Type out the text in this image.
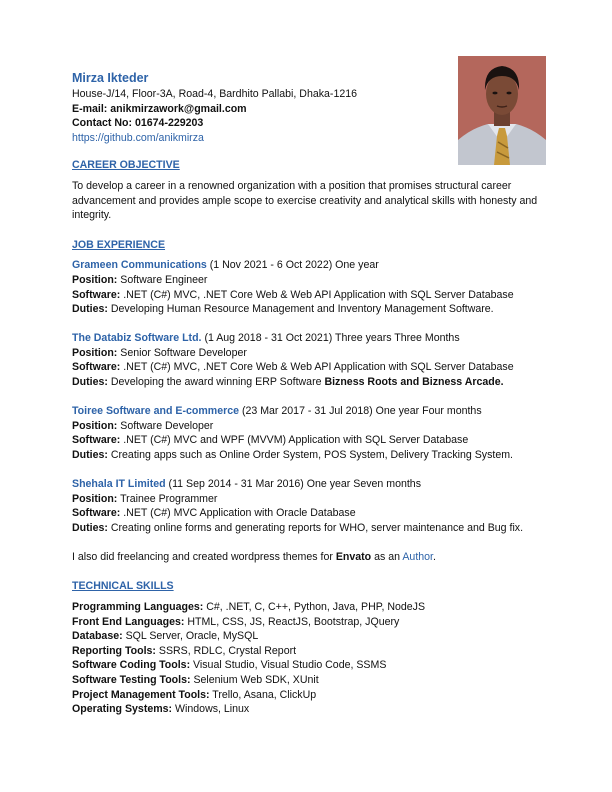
Mirza Ikteder
House-J/14, Floor-3A, Road-4, Bardhito Pallabi, Dhaka-1216
E-mail: anikmirzawork@gmail.com
Contact No: 01674-229203
https://github.com/anikmirza
CAREER OBJECTIVE

To develop a career in a renowned organization with a position that promises structural career advancement and provides ample scope to exercise creativity and analytical skills with honesty and integrity.

JOB EXPERIENCE
Grameen Communications (1 Nov 2021 - 6 Oct 2022) One year
Position: Software Engineer
Software: .NET (C#) MVC, .NET Core Web & Web API Application with SQL Server Database
Duties: Developing Human Resource Management and Inventory Management Software.
The Databiz Software Ltd. (1 Aug 2018 - 31 Oct 2021) Three years Three Months
Position: Senior Software Developer
Software: .NET (C#) MVC, .NET Core Web & Web API Application with SQL Server Database
Duties: Developing the award winning ERP Software Bizness Roots and Bizness Arcade.
Toiree Software and E-commerce (23 Mar 2017 - 31 Jul 2018) One year Four months
Position: Software Developer
Software: .NET (C#) MVC and WPF (MVVM) Application with SQL Server Database
Duties: Creating apps such as Online Order System, POS System, Delivery Tracking System.
Shehala IT Limited (11 Sep 2014 - 31 Mar 2016) One year Seven months
Position: Trainee Programmer
Software: .NET (C#) MVC Application with Oracle Database
Duties: Creating online forms and generating reports for WHO, server maintenance and Bug fix.
I also did freelancing and created wordpress themes for Envato as an Author.
TECHNICAL SKILLS
Programming Languages: C#, .NET, C, C++, Python, Java, PHP, NodeJS
Front End Languages: HTML, CSS, JS, ReactJS, Bootstrap, JQuery
Database: SQL Server, Oracle, MySQL
Reporting Tools: SSRS, RDLC, Crystal Report
Software Coding Tools: Visual Studio, Visual Studio Code, SSMS
Software Testing Tools: Selenium Web SDK, XUnit
Project Management Tools: Trello, Asana, ClickUp
Operating Systems: Windows, Linux
